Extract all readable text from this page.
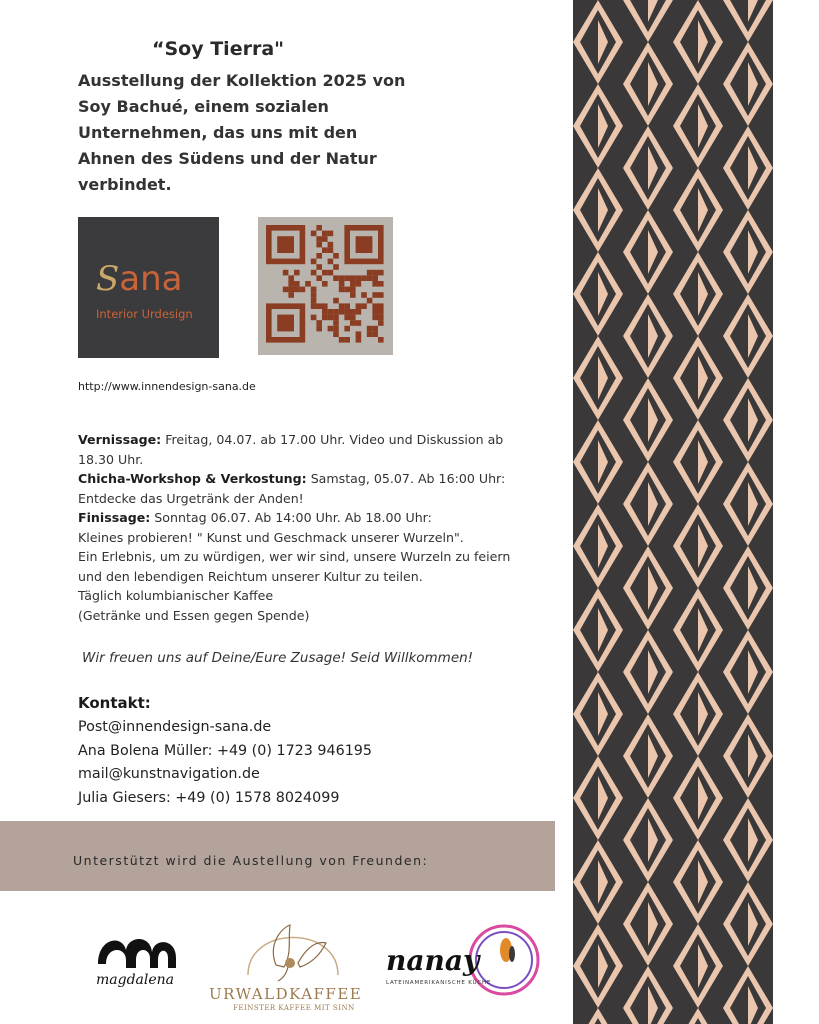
“Soy Tierra"
Ausstellung der Kollektion 2025 von Soy Bachué, einem sozialen Unternehmen, das uns mit den Ahnen des Südens und der Natur verbindet.
Sana
Interior Urdesign
http://www.innendesign-sana.de
Vernissage: Freitag, 04.07. ab 17.00 Uhr. Video und Diskussion ab 18.30 Uhr.
Chicha-Workshop & Verkostung: Samstag, 05.07. Ab 16:00 Uhr: Entdecke das Urgetränk der Anden!
Finissage: Sonntag 06.07. Ab 14:00 Uhr. Ab 18.00 Uhr:
Kleines probieren! " Kunst und Geschmack unserer Wurzeln".
Ein Erlebnis, um zu würdigen, wer wir sind, unsere Wurzeln zu feiern und den lebendigen Reichtum unserer Kultur zu teilen.
Täglich kolumbianischer Kaffee
(Getränke und Essen gegen Spende)
Wir freuen uns auf Deine/Eure Zusage! Seid Willkommen!
Kontakt:
Post@innendesign-sana.de
Ana Bolena Müller: +49 (0) 1723 946195
mail@kunstnavigation.de
Julia Giesers: +49 (0) 1578 8024099
Unterstützt wird die Austellung von Freunden:
magdalena
URWALDKAFFEE
FEINSTER KAFFEE MIT SINN
nanay
LATEINAMERIKANISCHE KÜCHE
